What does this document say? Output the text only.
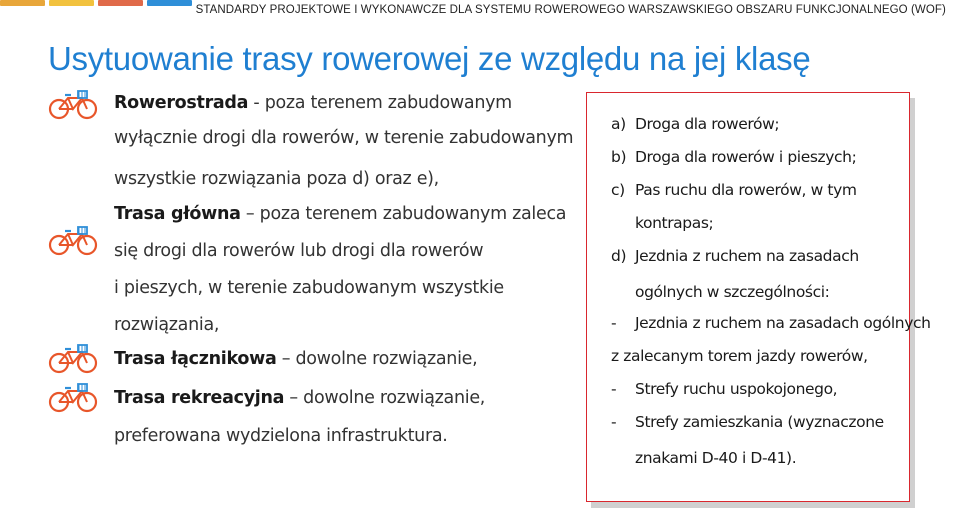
STANDARDY PROJEKTOWE I WYKONAWCZE DLA SYSTEMU ROWEROWEGO WARSZAWSKIEGO OBSZARU FUNKCJONALNEGO (WOF)
Usytuowanie trasy rowerowej ze względu na jej klasę
Rowerostrada - poza terenem zabudowanym
wyłącznie drogi dla rowerów, w terenie zabudowanym
wszystkie rozwiązania poza d) oraz e),
Trasa główna – poza terenem zabudowanym zaleca
się drogi dla rowerów lub drogi dla rowerów
i pieszych, w terenie zabudowanym wszystkie
rozwiązania,
Trasa łącznikowa – dowolne rozwiązanie,
Trasa rekreacyjna – dowolne rozwiązanie,
preferowana wydzielona infrastruktura.
a) Droga dla rowerów;
b) Droga dla rowerów i pieszych;
c) Pas ruchu dla rowerów, w tym
kontrapas;
d) Jezdnia z ruchem na zasadach
ogólnych w szczególności:
- Jezdnia z ruchem na zasadach ogólnych
z zalecanym torem jazdy rowerów,
- Strefy ruchu uspokojonego,
- Strefy zamieszkania (wyznaczone
znakami D-40 i D-41).
